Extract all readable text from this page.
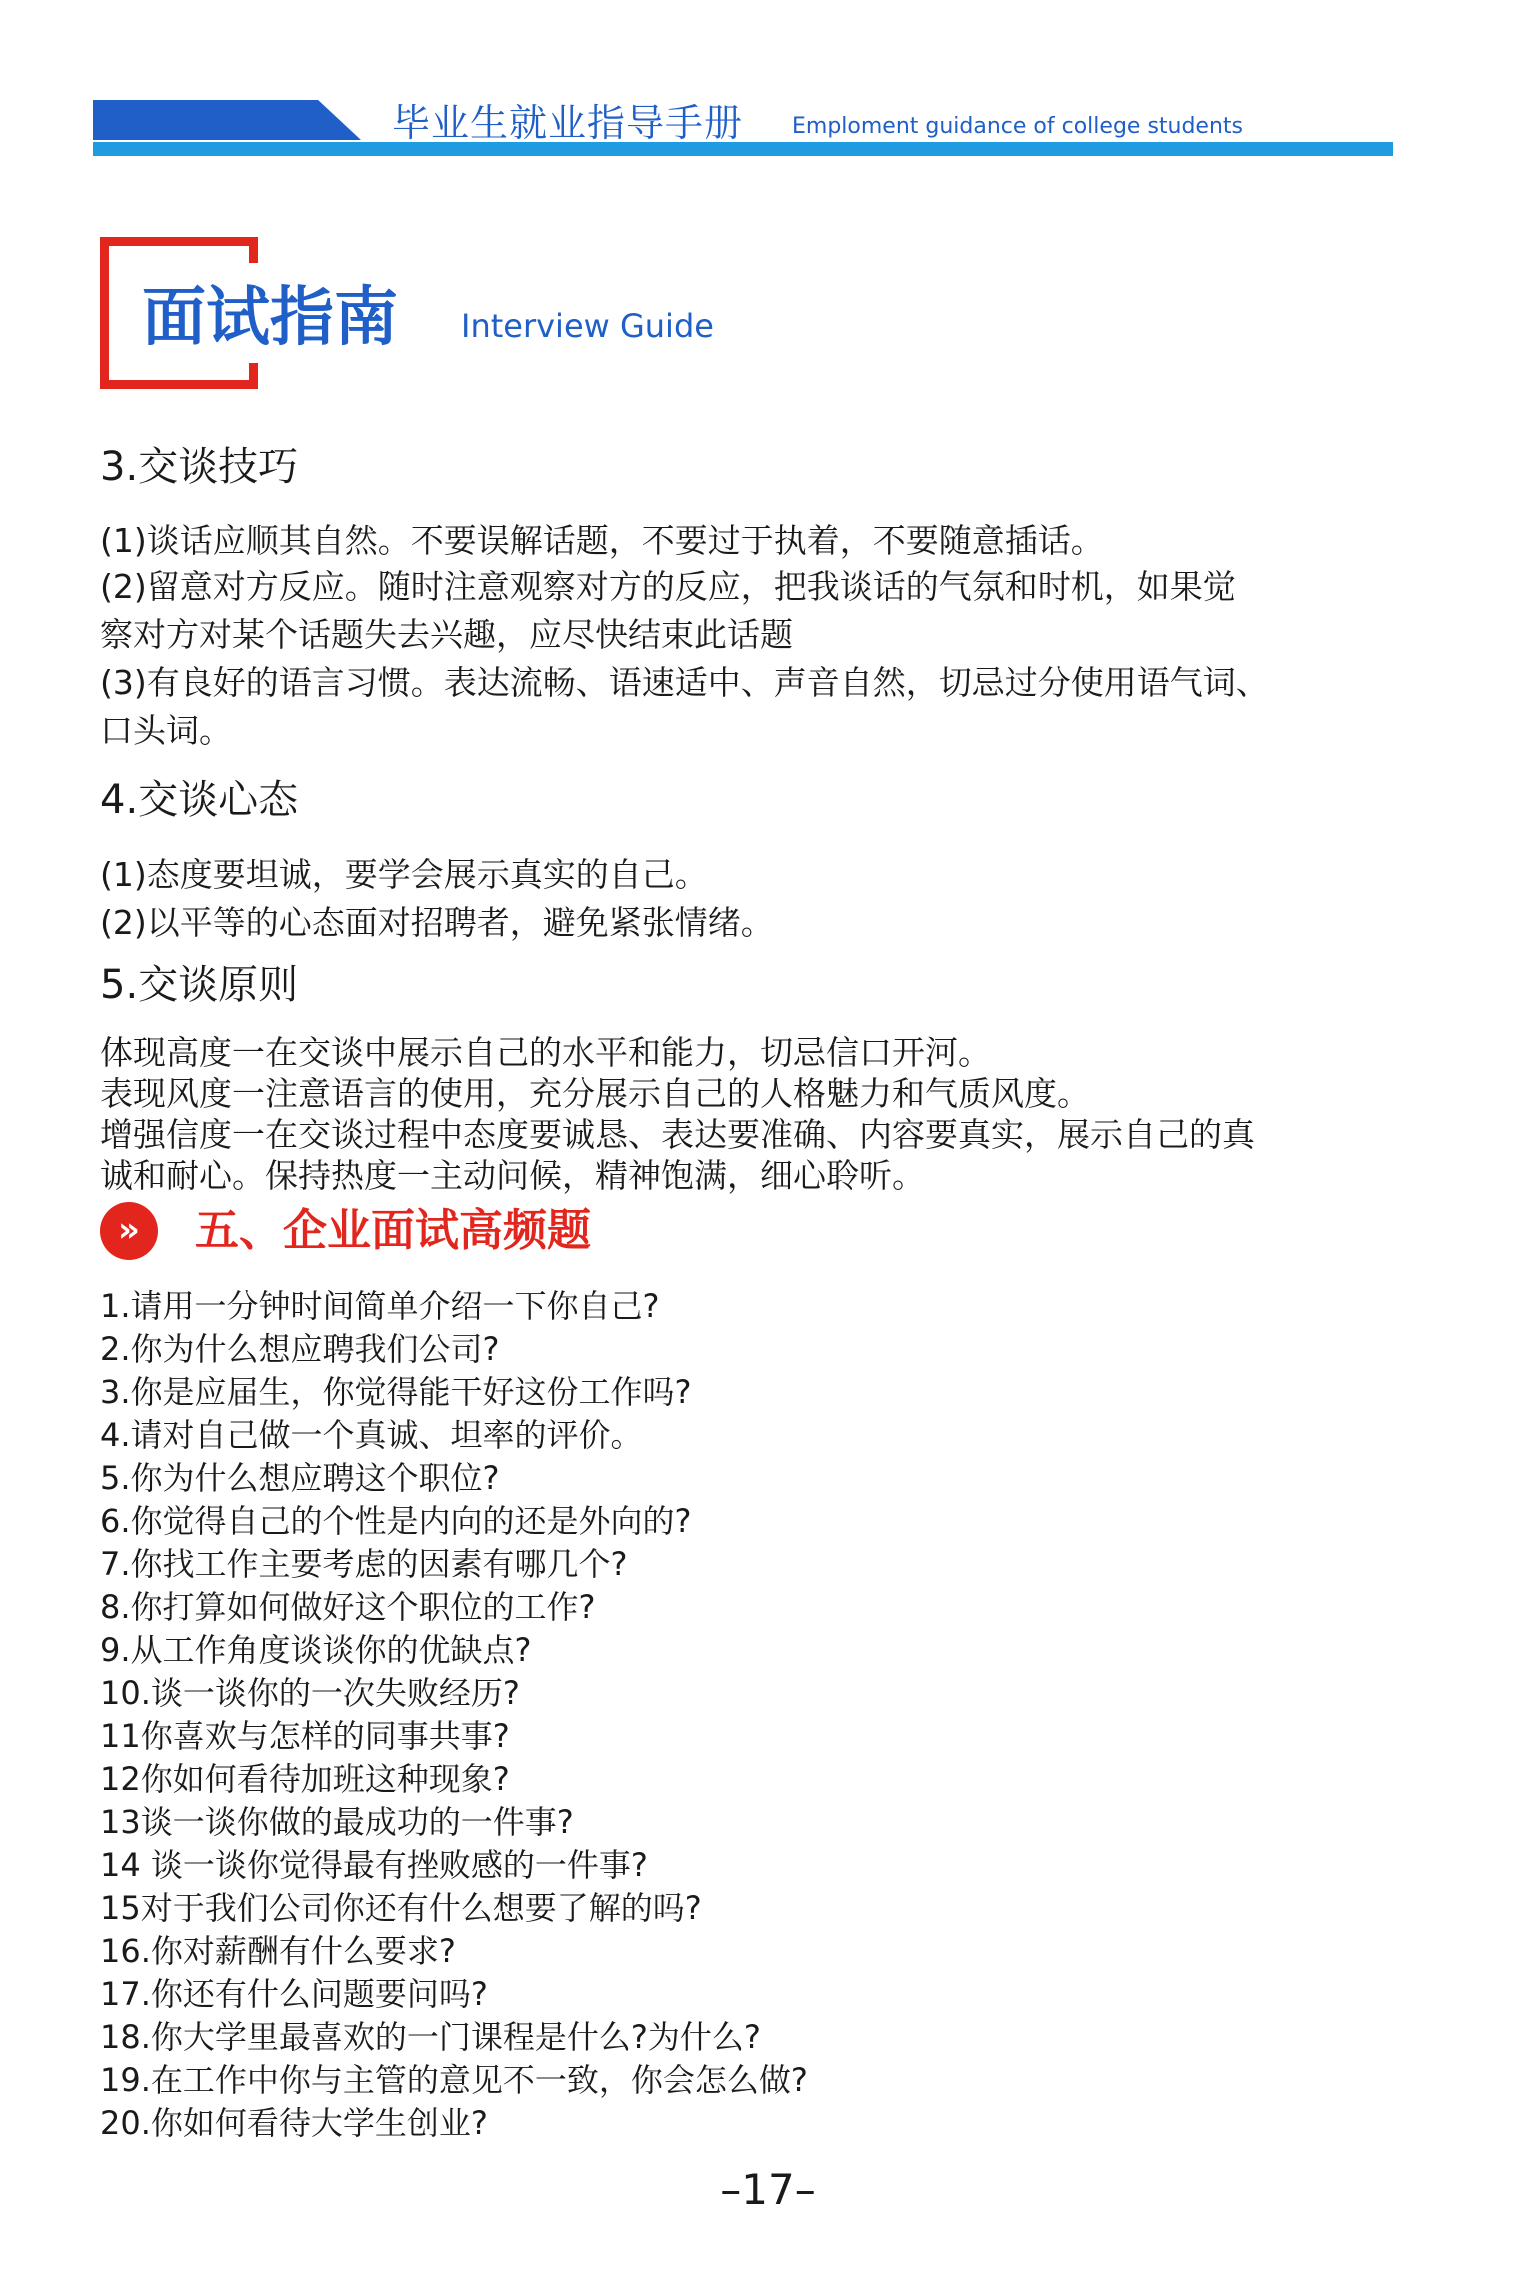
毕业生就业指导手册 Emploment guidance of college students
面试指南 Interview Guide
3.交谈技巧
(1)谈话应顺其自然。不要误解话题，不要过于执着，不要随意插话。
(2)留意对方反应。随时注意观察对方的反应，把我谈话的气氛和时机，如果觉
察对方对某个话题失去兴趣，应尽快结束此话题
(3)有良好的语言习惯。表达流畅、语速适中、声音自然，切忌过分使用语气词、
口头词。
4.交谈心态
(1)态度要坦诚，要学会展示真实的自己。
(2)以平等的心态面对招聘者，避免紧张情绪。
5.交谈原则
体现高度一在交谈中展示自己的水平和能力，切忌信口开河。
表现风度一注意语言的使用，充分展示自己的人格魅力和气质风度。
增强信度一在交谈过程中态度要诚恳、表达要准确、内容要真实，展示自己的真
诚和耐心。保持热度一主动问候，精神饱满，细心聆听。
»	五、企业面试高频题
1.请用一分钟时间简单介绍一下你自己?
2.你为什么想应聘我们公司?
3.你是应届生，你觉得能干好这份工作吗?
4.请对自己做一个真诚、坦率的评价。
5.你为什么想应聘这个职位?
6.你觉得自己的个性是内向的还是外向的?
7.你找工作主要考虑的因素有哪几个?
8.你打算如何做好这个职位的工作?
9.从工作角度谈谈你的优缺点?
10.谈一谈你的一次失败经历?
11你喜欢与怎样的同事共事?
12你如何看待加班这种现象?
13谈一谈你做的最成功的一件事?
14 谈一谈你觉得最有挫败感的一件事?
15对于我们公司你还有什么想要了解的吗?
16.你对薪酬有什么要求?
17.你还有什么问题要问吗?
18.你大学里最喜欢的一门课程是什么?为什么?
19.在工作中你与主管的意见不一致，你会怎么做?
20.你如何看待大学生创业?
–17–
